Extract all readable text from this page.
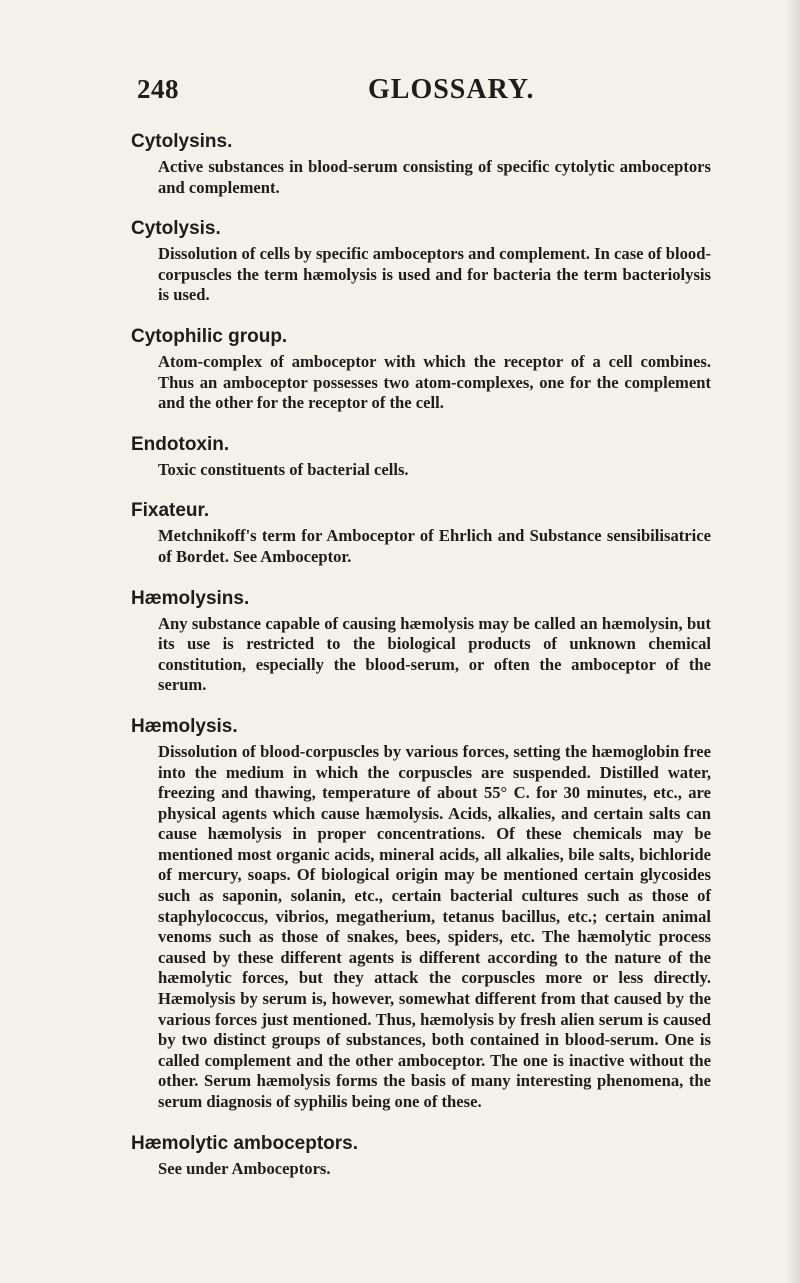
248	GLOSSARY.
Cytolysins.
Active substances in blood-serum consisting of specific cytolytic amboceptors and complement.
Cytolysis.
Dissolution of cells by specific amboceptors and complement. In case of blood-corpuscles the term hæmolysis is used and for bacteria the term bacteriolysis is used.
Cytophilic group.
Atom-complex of amboceptor with which the receptor of a cell combines. Thus an amboceptor possesses two atom-complexes, one for the complement and the other for the receptor of the cell.
Endotoxin.
Toxic constituents of bacterial cells.
Fixateur.
Metchnikoff's term for Amboceptor of Ehrlich and Substance sensibilisatrice of Bordet. See Amboceptor.
Hæmolysins.
Any substance capable of causing hæmolysis may be called an hæmolysin, but its use is restricted to the biological products of unknown chemical constitution, especially the blood-serum, or often the amboceptor of the serum.
Hæmolysis.
Dissolution of blood-corpuscles by various forces, setting the hæmoglobin free into the medium in which the corpuscles are suspended. Distilled water, freezing and thawing, temperature of about 55° C. for 30 minutes, etc., are physical agents which cause hæmolysis. Acids, alkalies, and certain salts can cause hæmolysis in proper concentrations. Of these chemicals may be mentioned most organic acids, mineral acids, all alkalies, bile salts, bichloride of mercury, soaps. Of biological origin may be mentioned certain glycosides such as saponin, solanin, etc., certain bacterial cultures such as those of staphylococcus, vibrios, megatherium, tetanus bacillus, etc.; certain animal venoms such as those of snakes, bees, spiders, etc. The hæmolytic process caused by these different agents is different according to the nature of the hæmolytic forces, but they attack the corpuscles more or less directly. Hæmolysis by serum is, however, somewhat different from that caused by the various forces just mentioned. Thus, hæmolysis by fresh alien serum is caused by two distinct groups of substances, both contained in blood-serum. One is called complement and the other amboceptor. The one is inactive without the other. Serum hæmolysis forms the basis of many interesting phenomena, the serum diagnosis of syphilis being one of these.
Hæmolytic amboceptors.
See under Amboceptors.
